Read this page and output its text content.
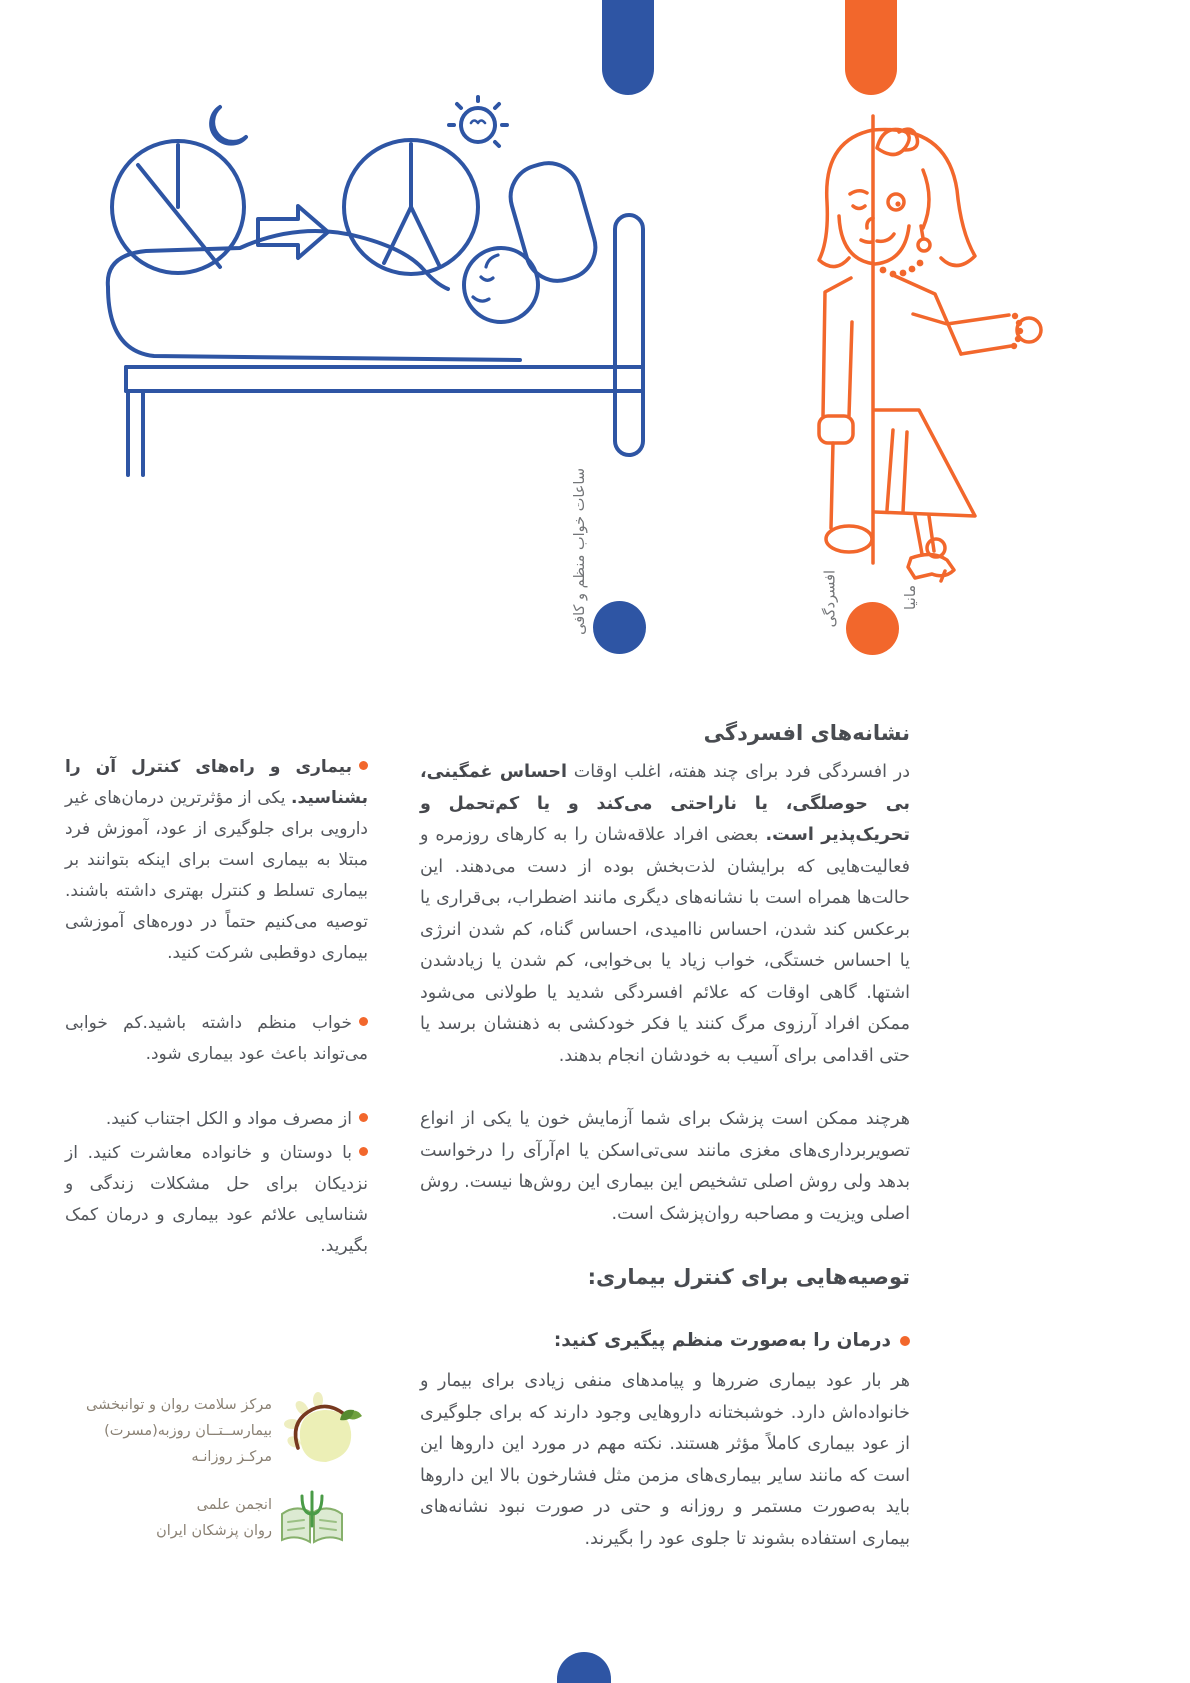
ساعات خواب منظم و کافی	افسردگی	مانیا
نشانه‌های افسردگی

در افسردگی فرد برای چند هفته، اغلب اوقات احساس غمگینی، بی حوصلگی، یا ناراحتی می‌کند و یا کم‌تحمل و تحریک‌پذیر است. بعضی افراد علاقه‌شان را به کارهای روزمره و فعالیت‌هایی که برایشان لذت‌بخش بوده از دست می‌دهند. این حالت‌ها همراه است با نشانه‌های دیگری مانند اضطراب، بی‌قراری یا برعکس کند شدن، احساس ناامیدی، احساس گناه، کم شدن انرژی یا احساس خستگی، خواب زیاد یا بی‌خوابی، کم شدن یا زیادشدن اشتها. گاهی اوقات که علائم افسردگی شدید یا طولانی می‌شود ممکن افراد آرزوی مرگ کنند یا فکر خودکشی به ذهنشان برسد یا حتی اقدامی برای آسیب به خودشان انجام بدهند.

هرچند ممکن است پزشک برای شما آزمایش خون یا یکی از انواع تصویربرداری‌های مغزی مانند سی‌تی‌اسکن یا ام‌آرآی را درخواست بدهد ولی روش اصلی تشخیص این بیماری این روش‌ها نیست. روش اصلی ویزیت و مصاحبه روان‌پزشک است.

توصیه‌هایی برای کنترل بیماری:
درمان را به‌صورت منظم پیگیری کنید:

هر بار عود بیماری ضررها و پیامدهای منفی زیادی برای بیمار و خانواده‌اش دارد. خوشبختانه داروهایی وجود دارند که برای جلوگیری از عود بیماری کاملاً مؤثر هستند. نکته مهم در مورد این داروها این است که مانند سایر بیماری‌های مزمن مثل فشارخون بالا این داروها باید به‌صورت مستمر و روزانه و حتی در صورت نبود نشانه‌های بیماری استفاده بشوند تا جلوی عود را بگیرند.

بیماری و راه‌های کنترل آن را بشناسید. یکی از مؤثرترین درمان‌های غیر دارویی برای جلوگیری از عود، آموزش فرد مبتلا به بیماری است برای اینکه بتوانند بر بیماری تسلط و کنترل بهتری داشته باشند. توصیه می‌کنیم حتماً در دوره‌های آموزشی بیماری دوقطبی شرکت کنید.

خواب منظم داشته باشید.کم خوابی می‌تواند باعث عود بیماری شود.

از مصرف مواد و الکل اجتناب کنید.

با دوستان و خانواده معاشرت کنید. از نزدیکان برای حل مشکلات زندگی و شناسایی علائم عود بیماری و درمان کمک بگیرید.

مرکز سلامت روان و توانبخشی
بیمارســتــان روزبه(مسرت)
مرکـز روزانـه
انجمن علمی
روان پزشکان ایران
